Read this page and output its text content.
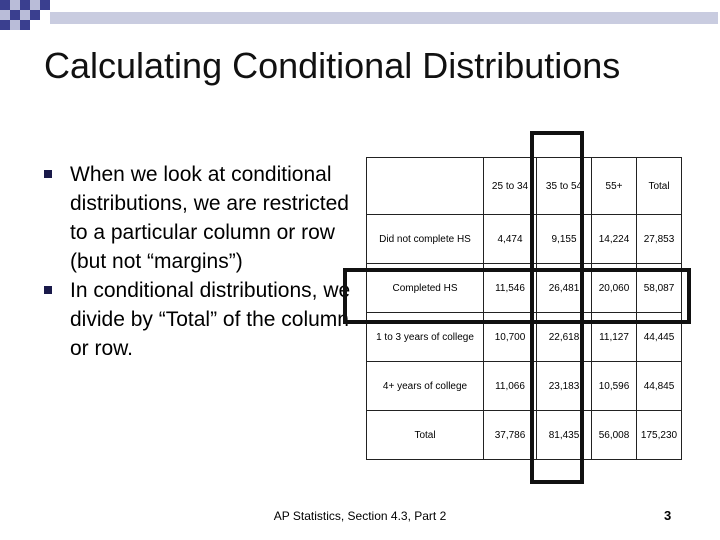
Calculating Conditional Distributions
When we look at conditional distributions, we are restricted to a particular column or row (but not “margins”)
In conditional distributions, we divide by “Total” of the column or row.
	25 to 34	35 to 54	55+	Total
Did not complete HS	4,474	9,155	14,224	27,853
Completed HS	11,546	26,481	20,060	58,087
1 to 3 years of college	10,700	22,618	11,127	44,445
4+ years of college	11,066	23,183	10,596	44,845
Total	37,786	81,435	56,008	175,230
AP Statistics, Section 4.3, Part 2	3
